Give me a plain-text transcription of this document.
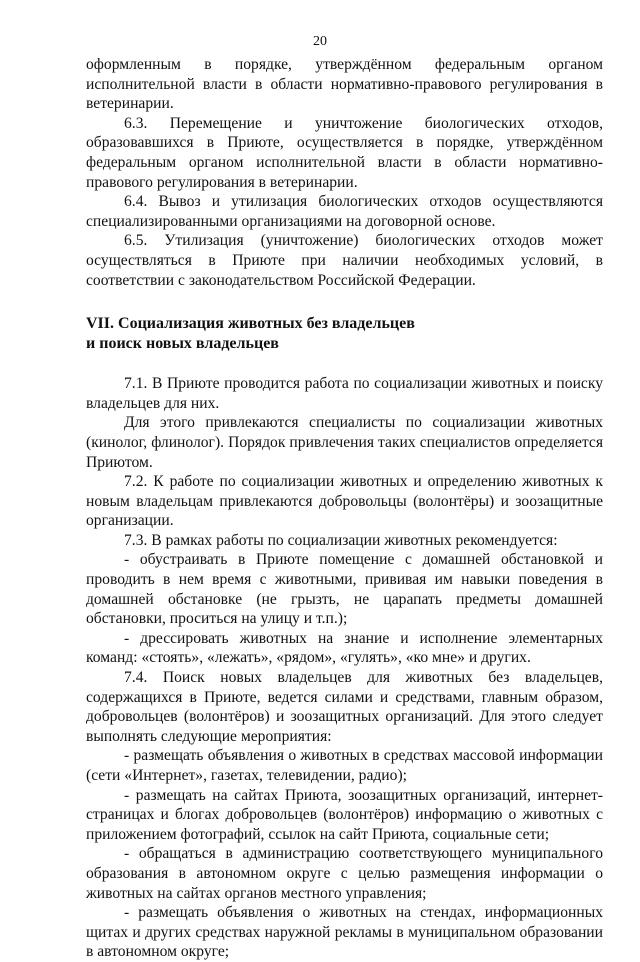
20

оформленным в порядке, утверждённом федеральным органом исполнительной власти в области нормативно-правового регулирования в ветеринарии.

6.3. Перемещение и уничтожение биологических отходов, образовавшихся в Приюте, осуществляется в порядке, утверждённом федеральным органом исполнительной власти в области нормативно-правового регулирования в ветеринарии.

6.4. Вывоз и утилизация биологических отходов осуществляются специализированными организациями на договорной основе.

6.5. Утилизация (уничтожение) биологических отходов может осуществляться в Приюте при наличии необходимых условий, в соответствии с законодательством Российской Федерации.

VII. Социализация животных без владельцев

и поиск новых владельцев

7.1. В Приюте проводится работа по социализации животных и поиску владельцев для них.

Для этого привлекаются специалисты по социализации животных (кинолог, флинолог). Порядок привлечения таких специалистов определяется Приютом.

7.2. К работе по социализации животных и определению животных к новым владельцам привлекаются добровольцы (волонтёры) и зоозащитные организации.

7.3. В рамках работы по социализации животных рекомендуется:

- обустраивать в Приюте помещение с домашней обстановкой и проводить в нем время с животными, прививая им навыки поведения в домашней обстановке (не грызть, не царапать предметы домашней обстановки, проситься на улицу и т.п.);

- дрессировать животных на знание и исполнение элементарных команд: «стоять», «лежать», «рядом», «гулять», «ко мне» и других.

7.4. Поиск новых владельцев для животных без владельцев, содержащихся в Приюте, ведется силами и средствами, главным образом, добровольцев (волонтёров) и зоозащитных организаций. Для этого следует выполнять следующие мероприятия:

- размещать объявления о животных в средствах массовой информации (сети «Интернет», газетах, телевидении, радио);

- размещать на сайтах Приюта, зоозащитных организаций, интернет-страницах и блогах добровольцев (волонтёров) информацию о животных с приложением фотографий, ссылок на сайт Приюта, социальные сети;

- обращаться в администрацию соответствующего муниципального образования в автономном округе с целью размещения информации о животных на сайтах органов местного управления;

- размещать объявления о животных на стендах, информационных щитах и других средствах наружной рекламы в муниципальном образовании в автономном округе;
